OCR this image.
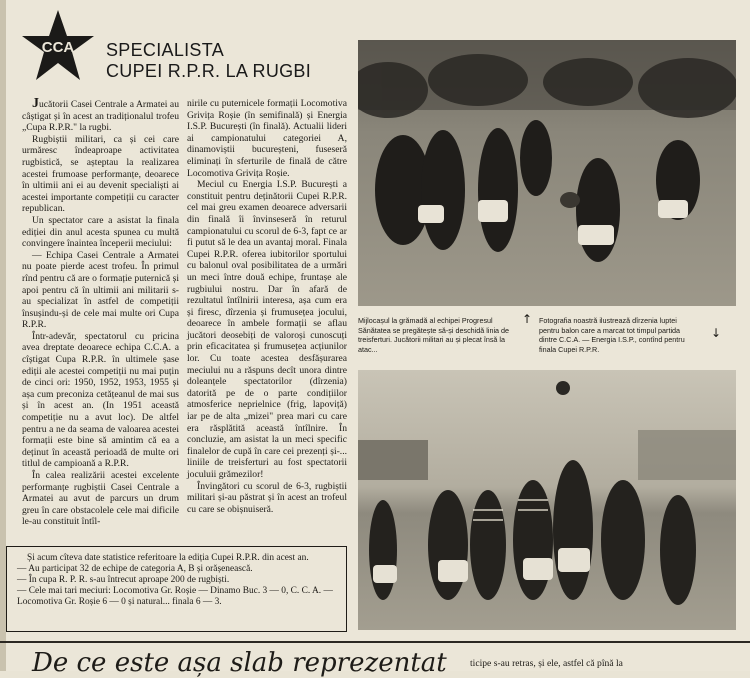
CCA SPECIALISTA
CUPEI R.P.R. LA RUGBI

Jucătorii Casei Centrale a Armatei au câștigat și în acest an tradiționalul trofeu „Cupa R.P.R." la rugbi.

Rugbiștii militari, ca și cei care urmăresc îndeaproape activitatea rugbistică, se așteptau la realizarea acestei frumoase performanțe, deoarece în ultimii ani ei au devenit specialiști ai acestei importante competiții cu caracter republican.

Un spectator care a asistat la finala ediției din anul acesta spunea cu multă convingere înaintea începerii meciului:

— Echipa Casei Centrale a Armatei nu poate pierde acest trofeu. În primul rînd pentru că are o formație puternică și apoi pentru că în ultimii ani militarii s-au specializat în astfel de competiții însușindu-și de cele mai multe ori Cupa R.P.R.

Într-adevăr, spectatorul cu pricina avea dreptate deoarece echipa C.C.A. a cîștigat Cupa R.P.R. în ultimele șase ediții ale acestei competiții nu mai puțin de cinci ori: 1950, 1952, 1953, 1955 și așa cum preconiza cetățeanul de mai sus și în acest an. (In 1951 această competiție nu a avut loc). De altfel pentru a ne da seama de valoarea acestei formații este bine să amintim că ea a deținut în această perioadă de multe ori titlul de campioană a R.P.R.

În calea realizării acestei excelente performanțe rugbiștii Casei Centrale a Armatei au avut de parcurs un drum greu în care obstacolele cele mai dificile le-au constituit întîl-

nirile cu puternicele formații Locomotiva Grivița Roșie (în semifinală) și Energia I.S.P. București (în finală). Actualii lideri ai campionatului categoriei A, dinamoviștii bucureșteni, fuseseră eliminați în sferturile de finală de către Locomotiva Grivița Roșie.

Meciul cu Energia I.S.P. București a constituit pentru deținătorii Cupei R.P.R. cel mai greu examen deoarece adversarii din finală îi învinseseră în returul campionatului cu scorul de 6-3, fapt ce ar fi putut să le dea un avantaj moral. Finala Cupei R.P.R. oferea iubitorilor sportului cu balonul oval posibilitatea de a urmări un meci între două echipe, fruntașe ale rugbiului nostru. Dar în afară de rezultatul întîlnirii interesa, așa cum era și firesc, dîrzenia și frumusețea jocului, deoarece în ambele formații se aflau jucători deosebiți de valoroși cunoscuți prin eficacitatea și frumusețea acțiunilor lor. Cu toate acestea desfășurarea meciului nu a răspuns decît unora dintre doleanțele spectatorilor (dîrzenia) datorită pe de o parte condițiilor atmosferice neprielnice (frig, lapoviță) iar pe de alta „mizei" prea mari cu care era răsplătită această întîlnire. În concluzie, am asistat la un meci specific finalelor de cupă în care cei prezenți și-... liniile de treisferturi au fost spectatorii joculuii grămezilor!

Învingători cu scorul de 6-3, rugbiștii militari și-au păstrat și în acest an trofeul cu care se obișnuiseră.

Și acum cîteva date statistice referitoare la ediția Cupei R.P.R. din acest an.

— Au participat 32 de echipe de categoria A, B și orășenească.

— În cupa R. P. R. s-au întrecut aproape 200 de rugbiști.

— Cele mai tari meciuri: Locomotiva Gr. Roșie — Dinamo Buc. 3 — 0, C. C. A. — Locomotiva Gr. Roșie 6 — 0 și natural... finala 6 — 3.

Mijlocașul la grămadă al echipei Progresul Sănătatea se pregătește să-și deschidă linia de treisferturi. Jucătorii militari au și plecat însă la atac...
↑ Fotografia noastră ilustrează dîrzenia luptei pentru balon care a marcat tot timpul partida dintre C.C.A. — Energia I.S.P., contînd pentru finala Cupei R.P.R.
↓
De ce este așa slab reprezentat ticipe s-au retras, și ele, astfel că pînă la
